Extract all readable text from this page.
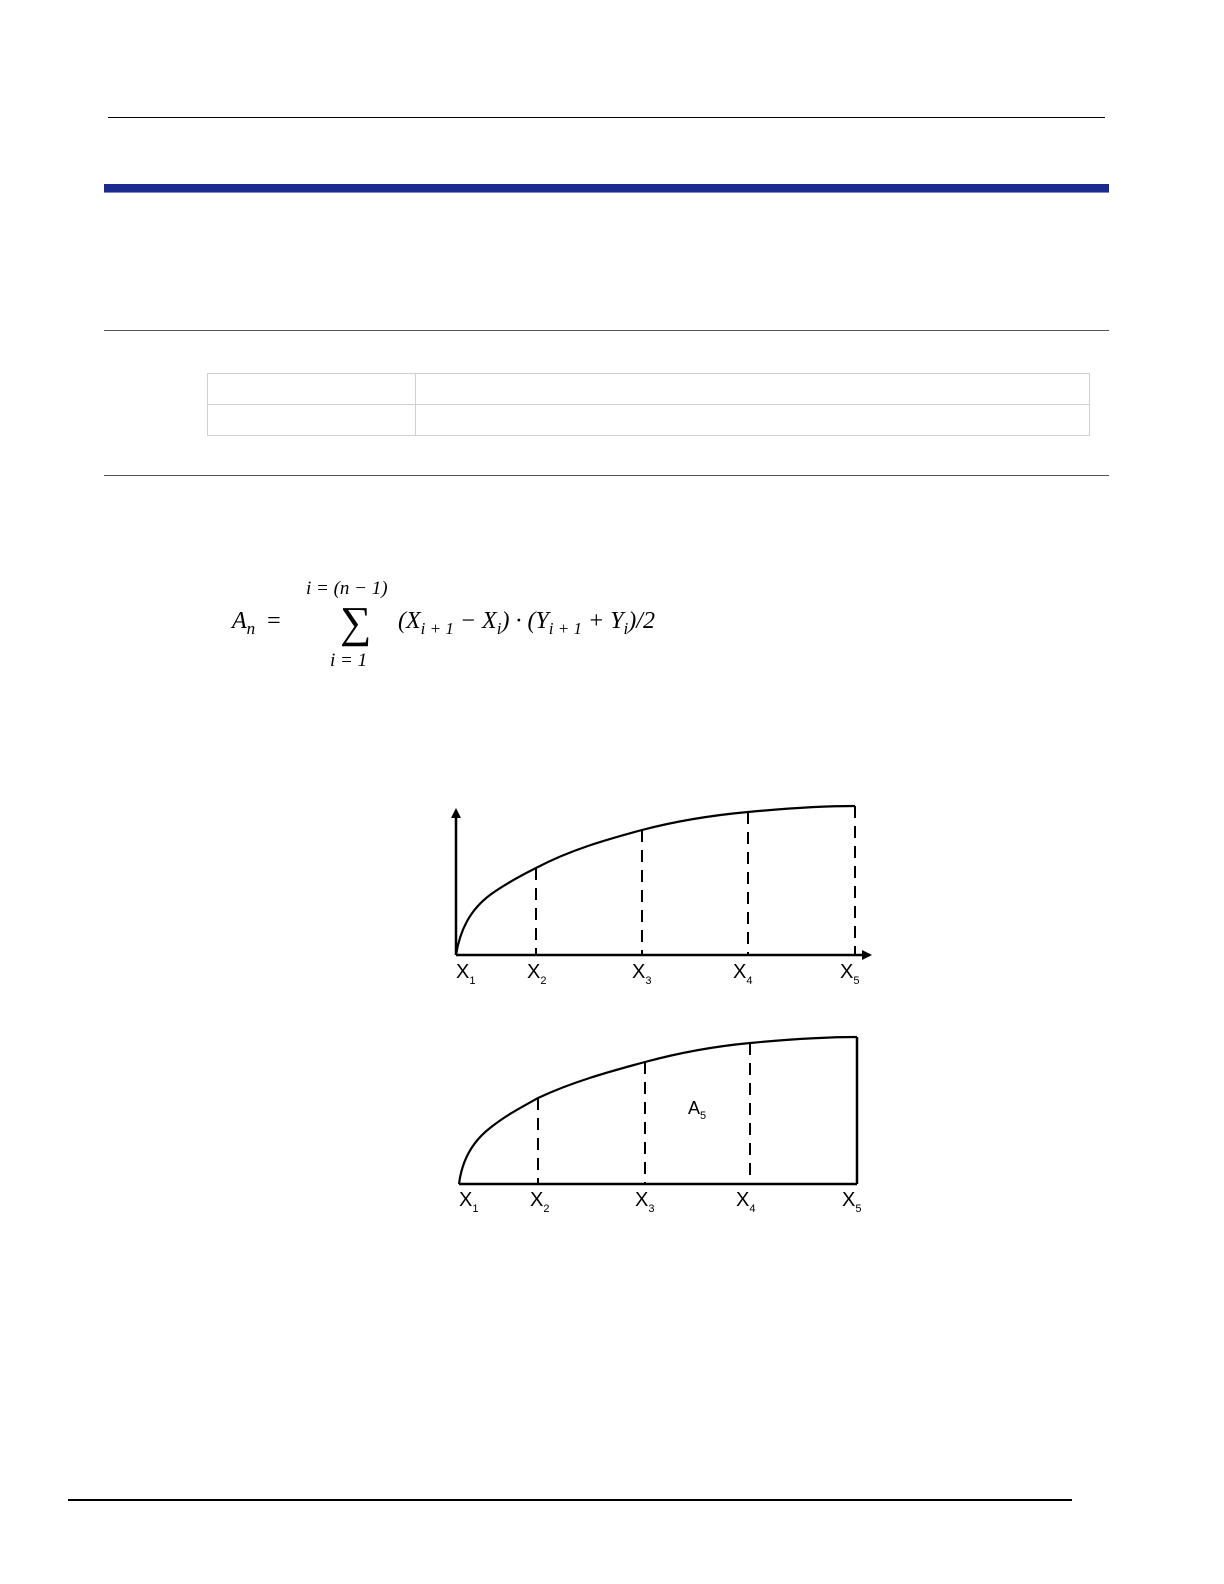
$A_n$ =
i = (n − 1)
∑
i = 1
$(X_{i + 1} - X_i) \cdot (Y_{i + 1} + Y_i)/2$
$X_1$	$X_2$	$X_3$	$X_4$	$X_5$
$A_5$
$X_1$	$X_2$	$X_3$	$X_4$	$X_5$
